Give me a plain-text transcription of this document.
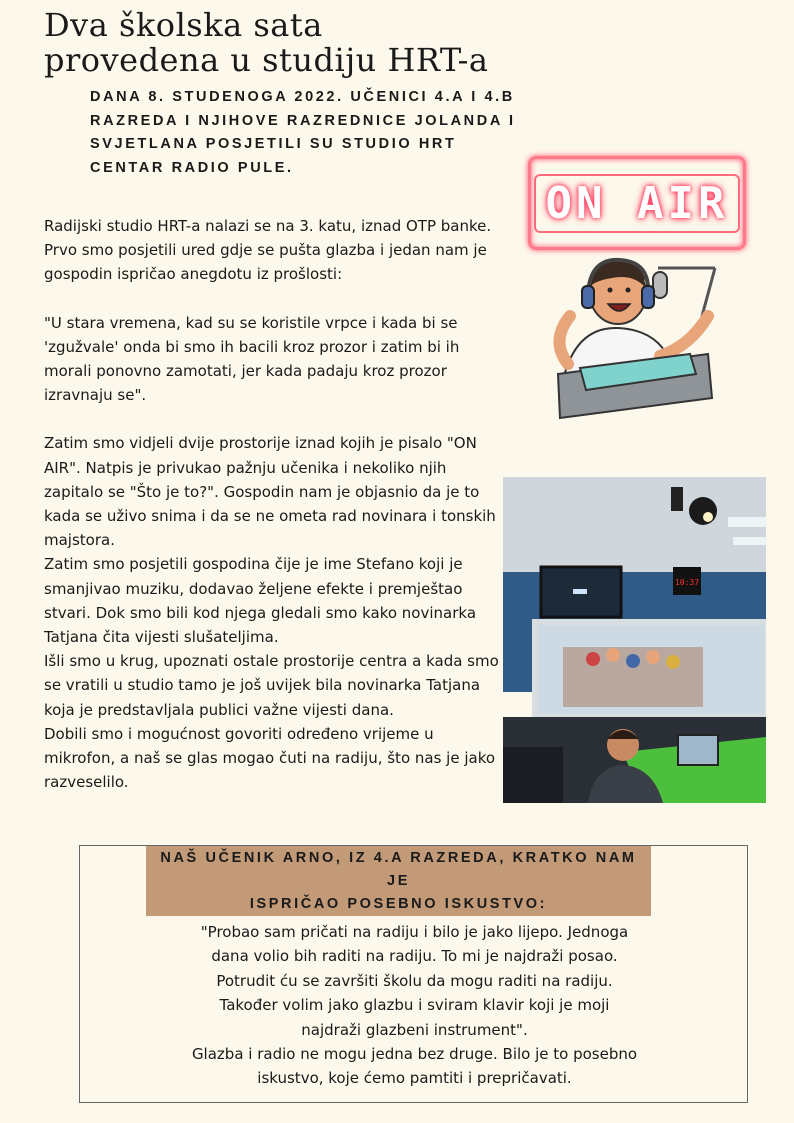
Dva školska sata
provedena u studiju HRT-a
DANA 8. STUDENOGA 2022. UČENICI 4.A I 4.B RAZREDA I NJIHOVE RAZREDNICE JOLANDA I SVJETLANA POSJETILI SU STUDIO HRT CENTAR RADIO PULE.
ON AIR

Radijski studio HRT-a nalazi se na 3. katu, iznad OTP banke.

Prvo smo posjetili ured gdje se pušta glazba i jedan nam je gospodin ispričao anegdotu iz prošlosti:

"U stara vremena, kad su se koristile vrpce i kada bi se 'zgužvale' onda bi smo ih bacili kroz prozor i zatim bi ih morali ponovno zamotati, jer kada padaju kroz prozor izravnaju se".

Zatim smo vidjeli dvije prostorije iznad kojih je pisalo "ON AIR". Natpis je privukao pažnju učenika i nekoliko njih zapitalo se "Što je to?". Gospodin nam je objasnio da je to kada se uživo snima i da se ne ometa rad novinara i tonskih majstora.

Zatim smo posjetili gospodina čije je ime Stefano koji je smanjivao muziku, dodavao željene efekte i premještao stvari. Dok smo bili kod njega gledali smo kako novinarka Tatjana čita vijesti slušateljima.

Išli smo u krug, upoznati ostale prostorije centra a kada smo se vratili u studio tamo je još uvijek bila novinarka Tatjana koja je predstavljala publici važne vijesti dana.

Dobili smo i mogućnost govoriti određeno vrijeme u mikrofon, a naš se glas mogao čuti na radiju, što nas je jako razveselilo.

10:37
NAŠ UČENIK ARNO, IZ 4.A RAZREDA, KRATKO NAM JE
ISPRIČAO POSEBNO ISKUSTVO:
"Probao sam pričati na radiju i bilo je jako lijepo. Jednoga
dana volio bih raditi na radiju. To mi je najdraži posao.
Potrudit ću se završiti školu da mogu raditi na radiju.
Također volim jako glazbu i sviram klavir koji je moji
najdraži glazbeni instrument".
Glazba i radio ne mogu jedna bez druge. Bilo je to posebno
iskustvo, koje ćemo pamtiti i prepričavati.
